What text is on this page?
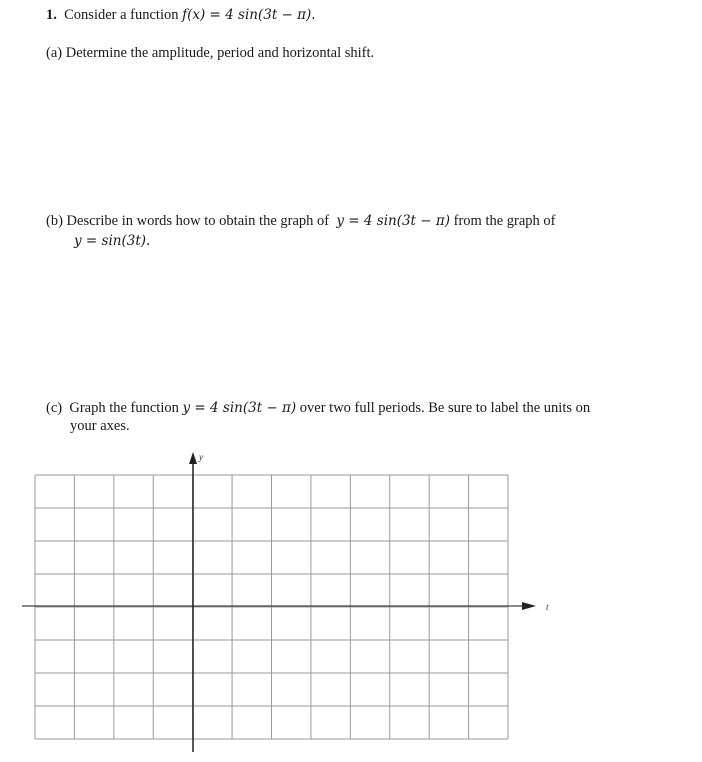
1. Consider a function f(x) = 4 sin(3t − π).
(a) Determine the amplitude, period and horizontal shift.
(b) Describe in words how to obtain the graph of y = 4 sin(3t − π) from the graph of
y = sin(3t).
(c) Graph the function y = 4 sin(3t − π) over two full periods. Be sure to label the units on
your axes.
t
y
